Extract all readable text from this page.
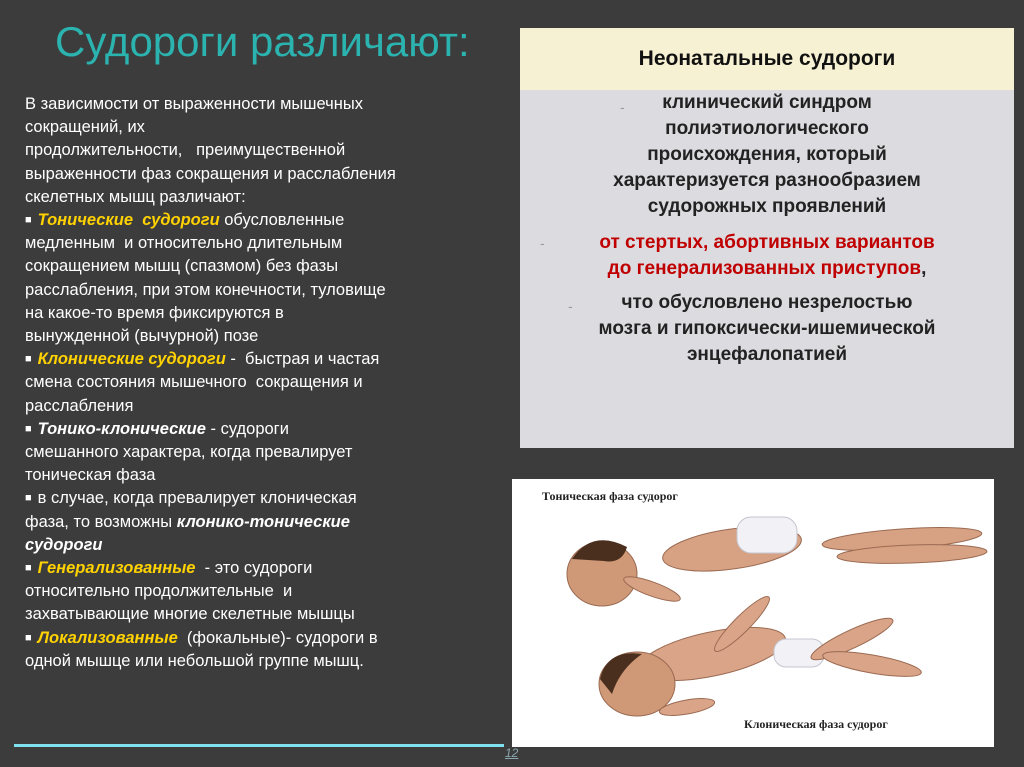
Судороги различают:
В зависимости от выраженности мышечных
сокращений, их
продолжительности,   преимущественной
выраженности фаз сокращения и расслабления
скелетных мышц различают:
■ Тонические  судороги обусловленные
медленным  и относительно длительным
сокращением мышц (спазмом) без фазы
расслабления, при этом конечности, туловище
на какое-то время фиксируются в
вынужденной (вычурной) позе
■ Клонические судороги -  быстрая и частая
смена состояния мышечного  сокращения и
расслабления
■ Тонико-клонические - судороги
смешанного характера, когда превалирует
тоническая фаза
■ в случае, когда превалирует клоническая
фаза, то возможны клонико-тонические
судороги
■ Генерализованные  - это судороги
относительно продолжительные  и
захватывающие многие скелетные мышцы
■ Локализованные  (фокальные)- судороги в
одной мышце или небольшой группе мышц.
Неонатальные судороги
-	клинический синдром
полиэтиологического
происхождения, который
характеризуется разнообразием
судорожных проявлений
-	от стертых, абортивных вариантов
до генерализованных приступов,
-	что обусловлено незрелостью
мозга и гипоксически-ишемической
энцефалопатией
Тоническая фаза судорог
Клоническая фаза судорог
12
